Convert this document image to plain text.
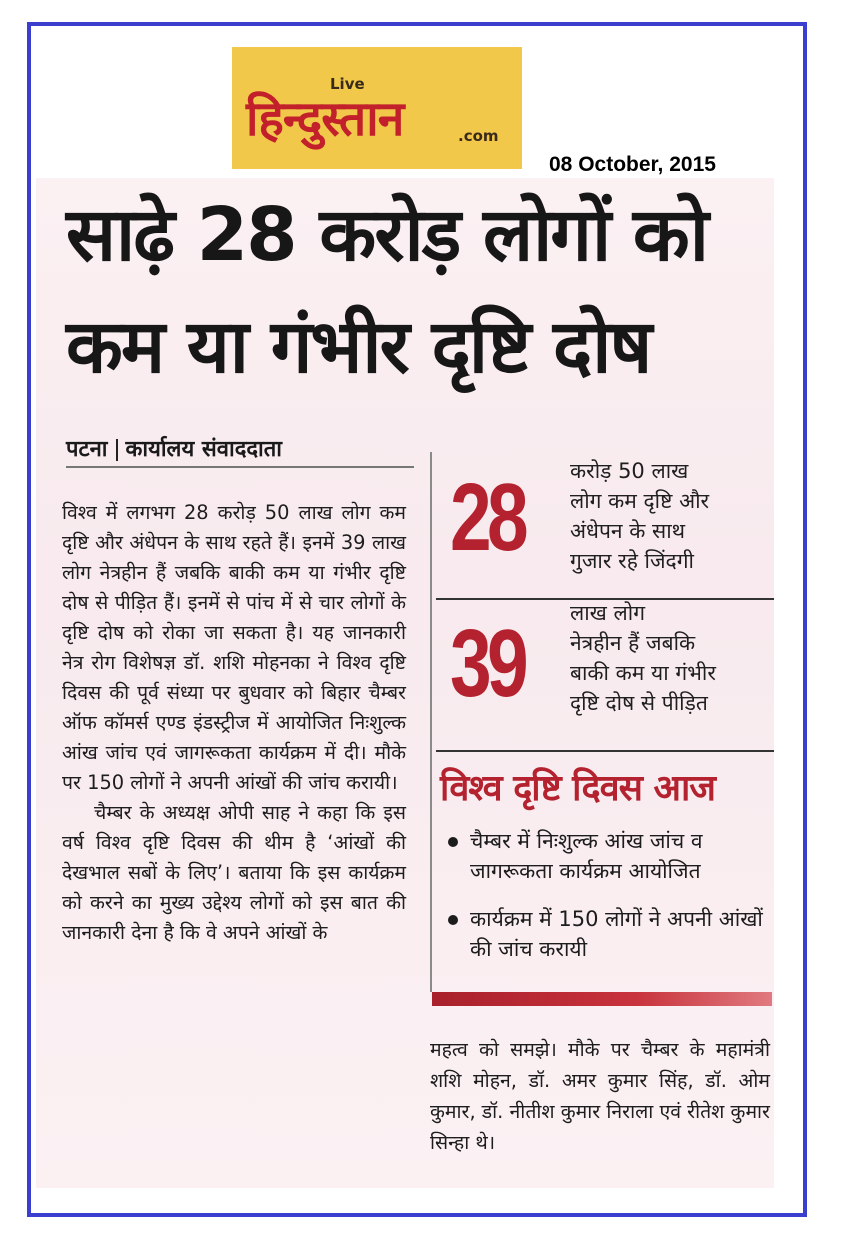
Live
हिन्दुस्तान	.com
08 October, 2015
साढ़े 28 करोड़ लोगों को
कम या गंभीर दृष्टि दोष
पटना कार्यालय संवाददाता

विश्व में लगभग 28 करोड़ 50 लाख लोग कम दृष्टि और अंधेपन के साथ रहते हैं। इनमें 39 लाख लोग नेत्रहीन हैं जबकि बाकी कम या गंभीर दृष्टि दोष से पीड़ित हैं। इनमें से पांच में से चार लोगों के दृष्टि दोष को रोका जा सकता है। यह जानकारी नेत्र रोग विशेषज्ञ डॉ. शशि मोहनका ने विश्व दृष्टि दिवस की पूर्व संध्या पर बुधवार को बिहार चैम्बर ऑफ कॉमर्स एण्ड इंडस्ट्रीज में आयोजित निःशुल्क आंख जांच एवं जागरूकता कार्यक्रम में दी। मौके पर 150 लोगों ने अपनी आंखों की जांच करायी।

चैम्बर के अध्यक्ष ओपी साह ने कहा कि इस वर्ष विश्व दृष्टि दिवस की थीम है ‘आंखों की देखभाल सबों के लिए’। बताया कि इस कार्यक्रम को करने का मुख्य उद्देश्य लोगों को इस बात की जानकारी देना है कि वे अपने आंखों के

28 करोड़ 50 लाख
लोग कम दृष्टि और
अंधेपन के साथ
गुजार रहे जिंदगी
39 लाख लोग
नेत्रहीन हैं जबकि
बाकी कम या गंभीर
दृष्टि दोष से पीड़ित
विश्व दृष्टि दिवस आज
चैम्बर में निःशुल्क आंख जांच व जागरूकता कार्यक्रम आयोजित
कार्यक्रम में 150 लोगों ने अपनी आंखों की जांच करायी

महत्व को समझे। मौके पर चैम्बर के महामंत्री शशि मोहन, डॉ. अमर कुमार सिंह, डॉ. ओम कुमार, डॉ. नीतीश कुमार निराला एवं रीतेश कुमार सिन्हा थे।
